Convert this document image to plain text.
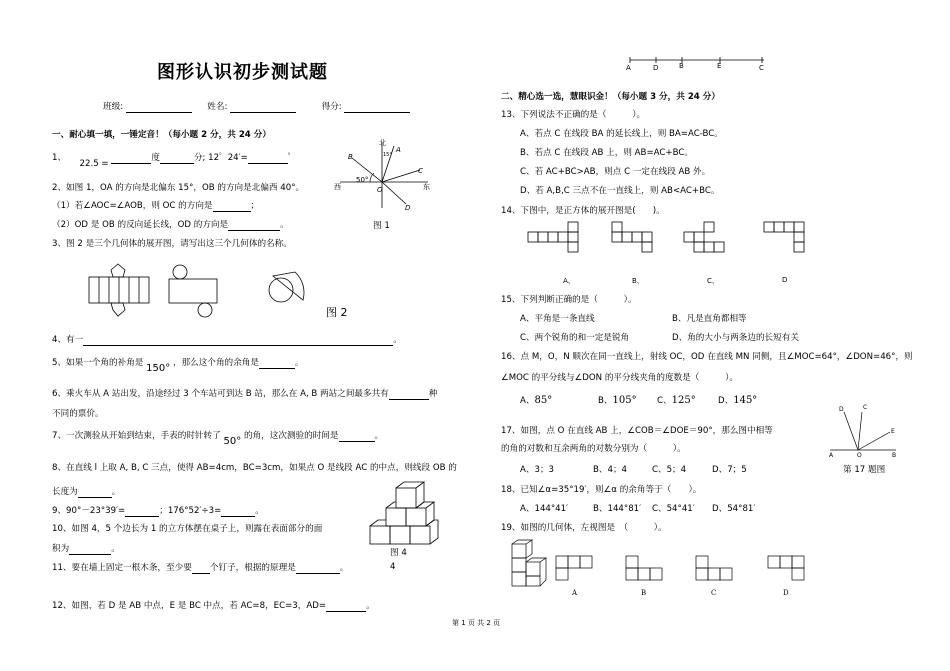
图形认识初步测试题
班级:	姓名:	得分:
一、耐心填一填，一锤定音！（每小题 2 分，共 24 分）
1、  22.5 = 度	分; 12゜24′=	゜
2、如图 1，OA 的方向是北偏东 15°，OB 的方向是北偏西 40°。
（1）若∠AOC=∠AOB，则 OC 的方向是	；
（2）OD 是 OB 的反向延长线，OD 的方向是	。
北
A
15°
B
C
50°
西	东
O
D
图 1
3、图 2 是三个几何体的展开图，请写出这三个几何体的名称。
图 2
4、有一	。
5、如果一个角的补角是 150° ，那么这个角的余角是	。
6、乘火车从 A 站出发，沿途经过 3 个车站可到达 B 站，那么在 A, B 两站之间最多共有	种
不同的票价。
7、一次测验从开始到结束，手表的时针转了 50° 的角，这次测验的时间是	。
8、在直线 l 上取 A, B, C 三点，使得 AB=4cm，BC=3cm，如果点 O 是线段 AC 的中点，则线段 OB 的
长度为	。
9、90°－23°39′=	；176°52′÷3=	。
10、如图 4，5 个边长为 1 的立方体摆在桌子上，则露在表面部分的面
积为	。	图 4
4
11、要在墙上固定一根木条，至少要 个钉子，根据的原理是	。
12、如图，若 D 是 AB 中点，E 是 BC 中点，若 AC=8，EC=3，AD=	。
A	D	B	E	C
二、精心选一选，慧眼识金！（每小题 3 分，共 24 分）
13、下列说法不正确的是（　　　）。
A、若点 C 在线段 BA 的延长线上，则 BA=AC-BC。
B、若点 C 在线段 AB 上，则 AB=AC+BC。
C、若 AC+BC>AB，则点 C 一定在线段 AB 外。
D、若 A,B,C 三点不在一直线上，则 AB<AC+BC。
14、下图中，是正方体的展开图是(　　)。
A、	B、	C、	D
15、下列判断正确的是（　　　）。
A、平角是一条直线	B、凡是直角都相等
C、两个锐角的和一定是锐角	D、角的大小与两条边的长短有关
16、点 M，O，N 顺次在同一直线上，射线 OC，OD 在直线 MN 同侧，且∠MOC=64°，∠DON=46°，则
∠MOC 的平分线与∠DON 的平分线夹角的度数是（　　　）。
A、85°	B、105° C、125°	D、145°
17、如图，点 O 在直线 AB 上，∠COB＝∠DOE＝90°，那么图中相等
的角的对数和互余两角的对数分别为（　　　）。
A、3；3	B、4；4	C、5；4	D、7；5
D	C
E
A	O	B
第 17 题图
18、已知∠α=35°19′，则∠α 的余角等于（　　）。
A、144°41′	B、144°81′ C、54°41′ D、54°81′
19、如图的几何体，左视图是　（　　　）。
A	B	C	D
第 1 页 共 2 页
